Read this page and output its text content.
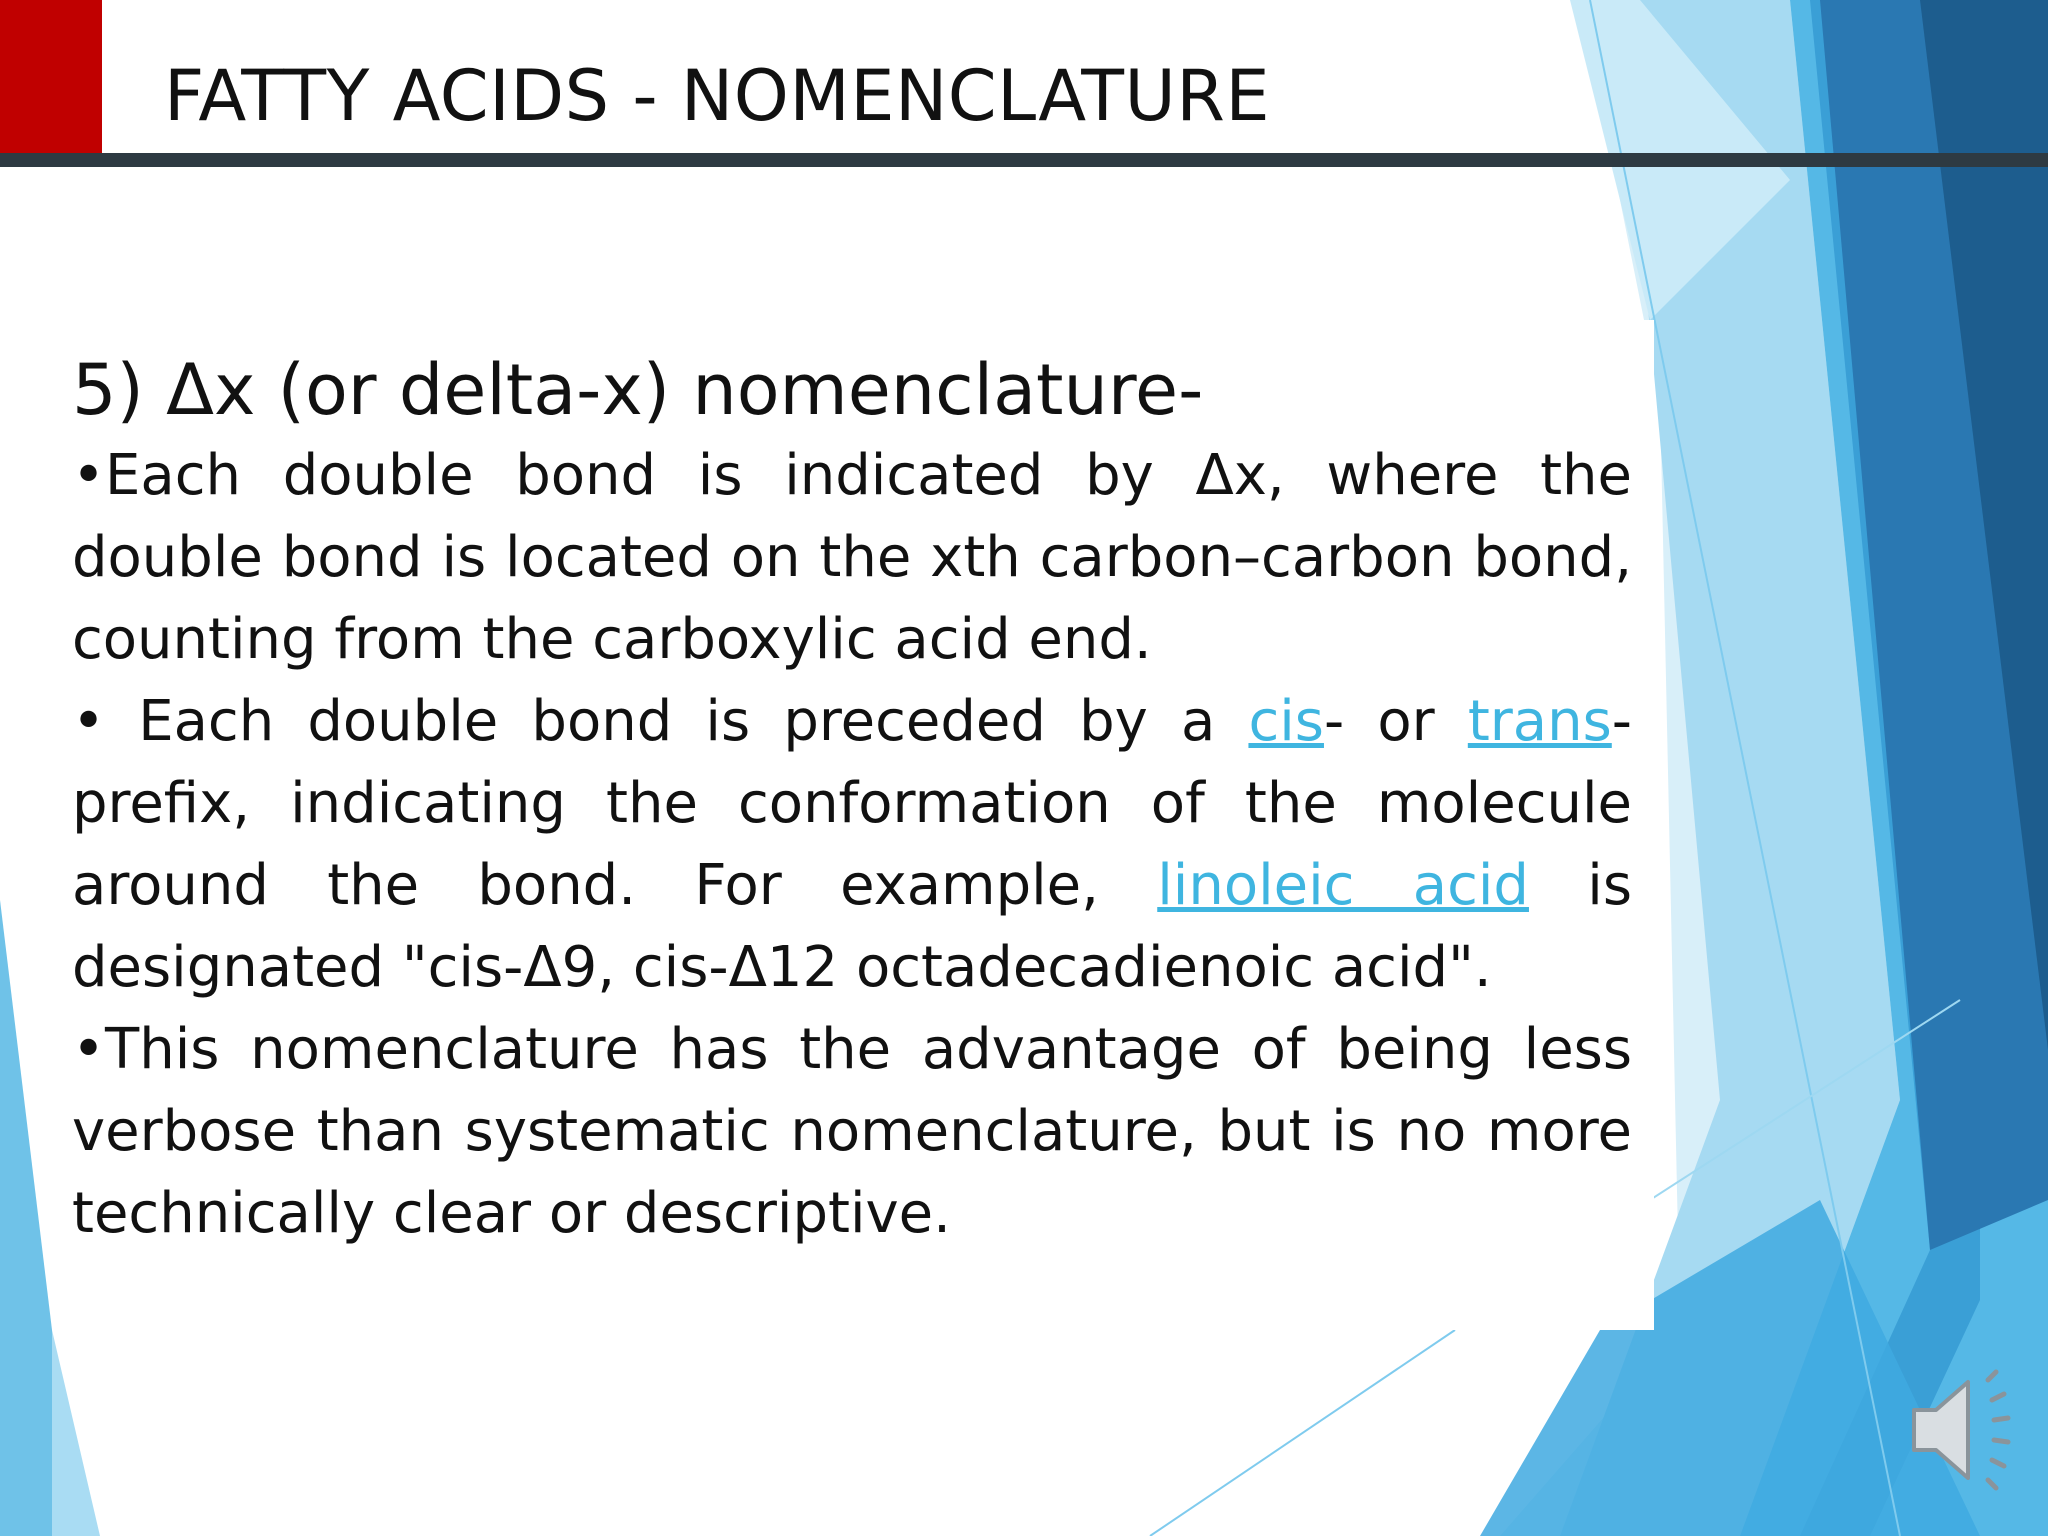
FATTY ACIDS - NOMENCLATURE

5) Δx (or delta-x) nomenclature-

•Each double bond is indicated by Δx, where the double bond is located on the xth carbon–carbon bond, counting from the carboxylic acid end.

• Each double bond is preceded by a cis- or trans-prefix, indicating the conformation of the molecule around the bond. For example, linoleic acid is designated "cis-Δ9, cis-Δ12 octadecadienoic acid".

•This nomenclature has the advantage of being less verbose than systematic nomenclature, but is no more technically clear or descriptive.
